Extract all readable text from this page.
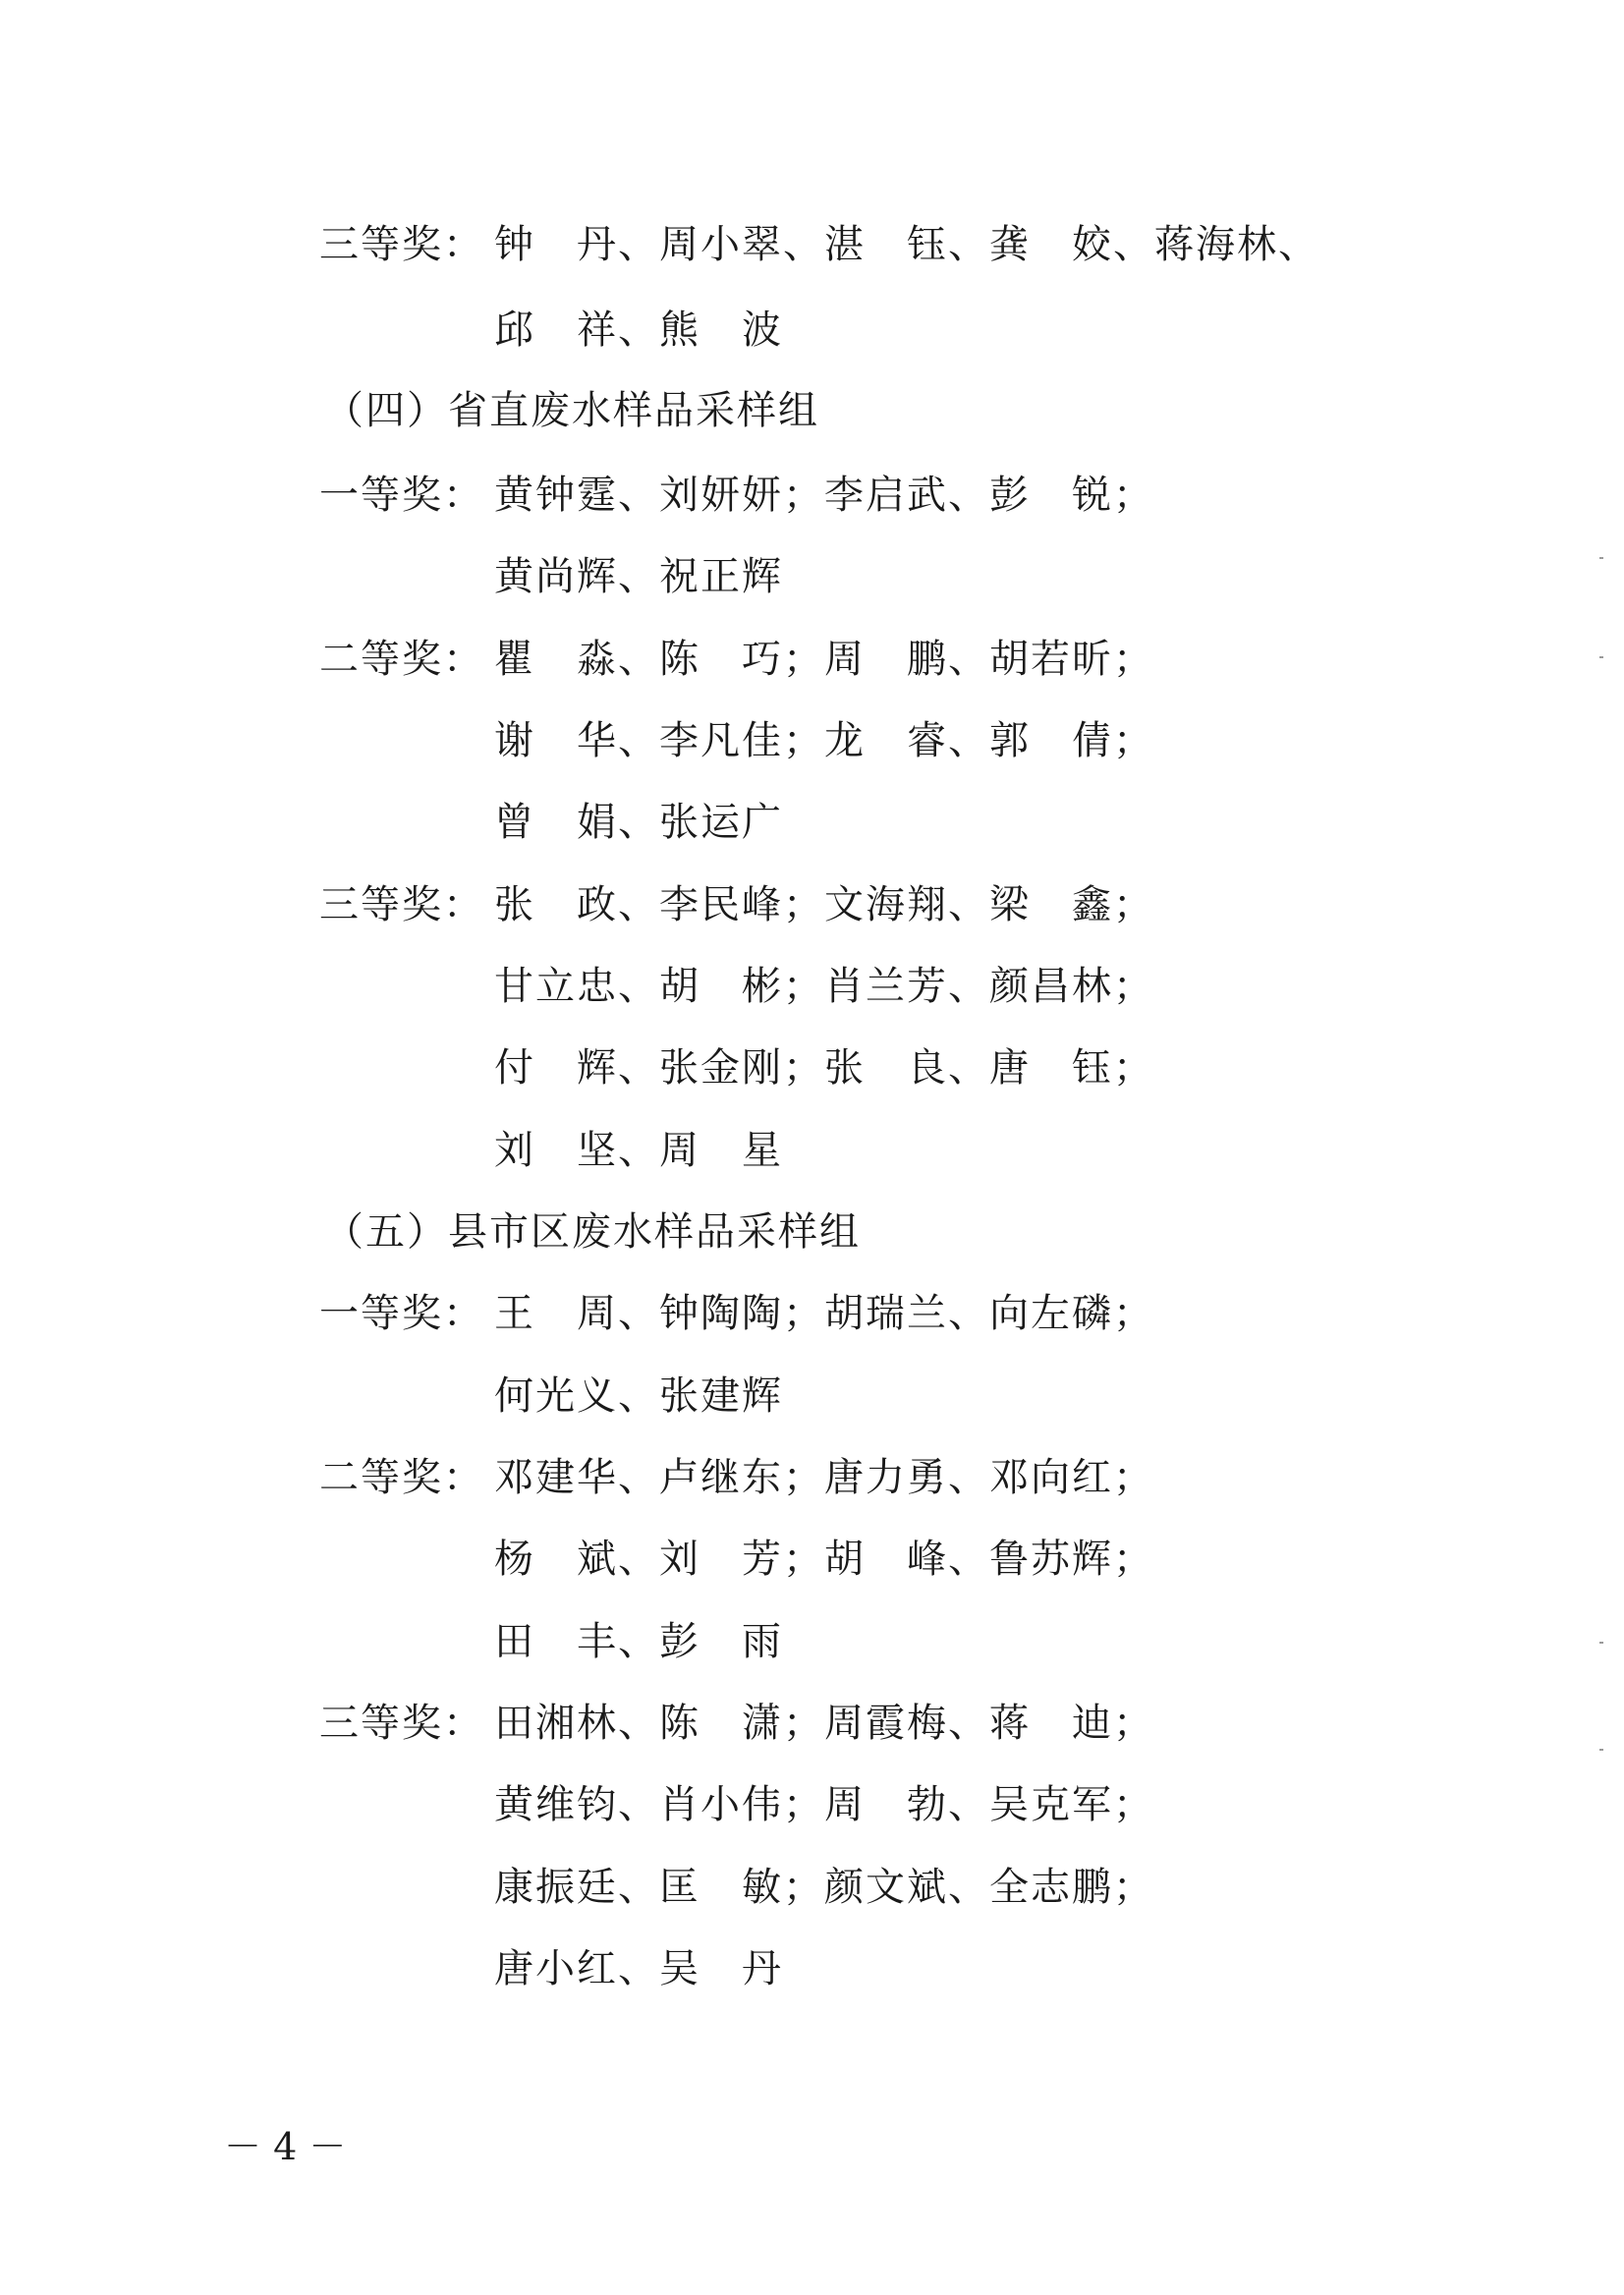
三等奖： 钟　丹、周小翠、湛　钰、龚　姣、蒋海林、
邱　祥、熊　波
（四）省直废水样品采样组
一等奖： 黄钟霆、刘妍妍；李启武、彭　锐；
黄尚辉、祝正辉
二等奖： 瞿　淼、陈　巧；周　鹏、胡若昕；
谢　华、李凡佳；龙　睿、郭　倩；
曾　娟、张运广
三等奖： 张　政、李民峰；文海翔、梁　鑫；
甘立忠、胡　彬；肖兰芳、颜昌林；
付　辉、张金刚；张　良、唐　钰；
刘　坚、周　星
（五）县市区废水样品采样组
一等奖： 王　周、钟陶陶；胡瑞兰、向左磷；
何光义、张建辉
二等奖： 邓建华、卢继东；唐力勇、邓向红；
杨　斌、刘　芳；胡　峰、鲁苏辉；
田　丰、彭　雨
三等奖： 田湘林、陈　潇；周霞梅、蒋　迪；
黄维钧、肖小伟；周　勃、吴克军；
康振廷、匡　敏；颜文斌、全志鹏；
唐小红、吴　丹
－ 4 －
